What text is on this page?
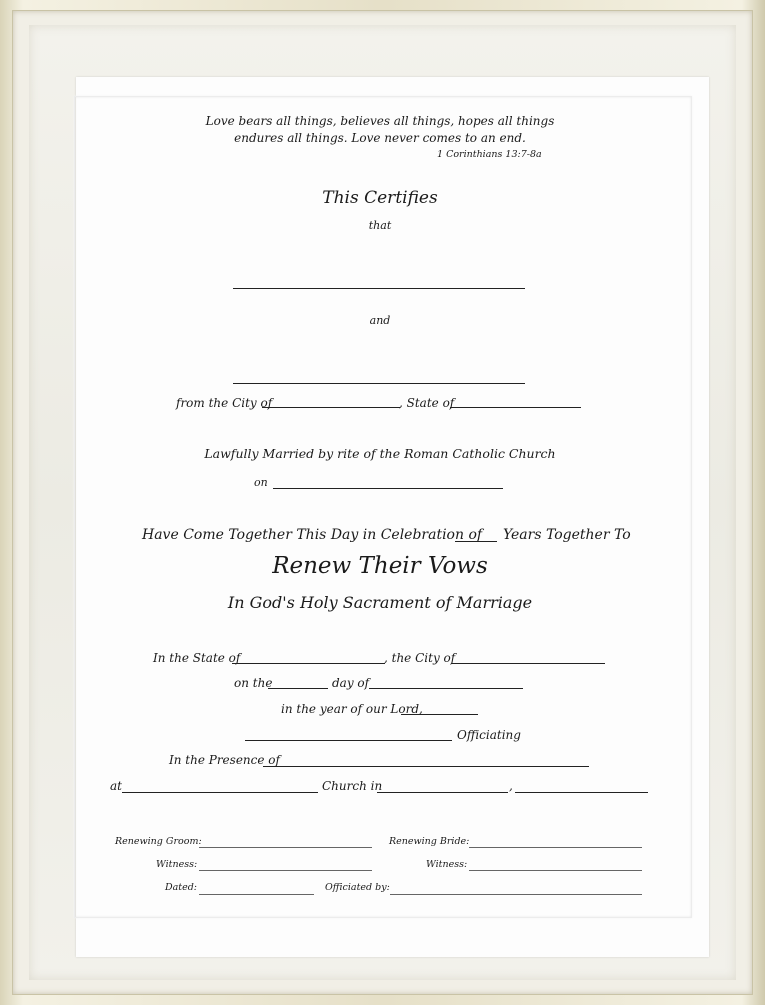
Love bears all things, believes all things, hopes all things
endures all things. Love never comes to an end.
1 Corinthians 13:7-8a
This Certifies
that
and
from the City of	, State of
Lawfully Married by rite of the Roman Catholic Church
on
Have Come Together This Day in Celebration of Years Together To
Renew Their Vows
In God's Holy Sacrament of Marriage
In the State of	, the City of
on the	day of
in the year of our Lord,
Officiating
In the Presence of
at	Church in	,
Renewing Groom:	Renewing Bride:
Witness:	Witness:
Dated:	Officiated by:
